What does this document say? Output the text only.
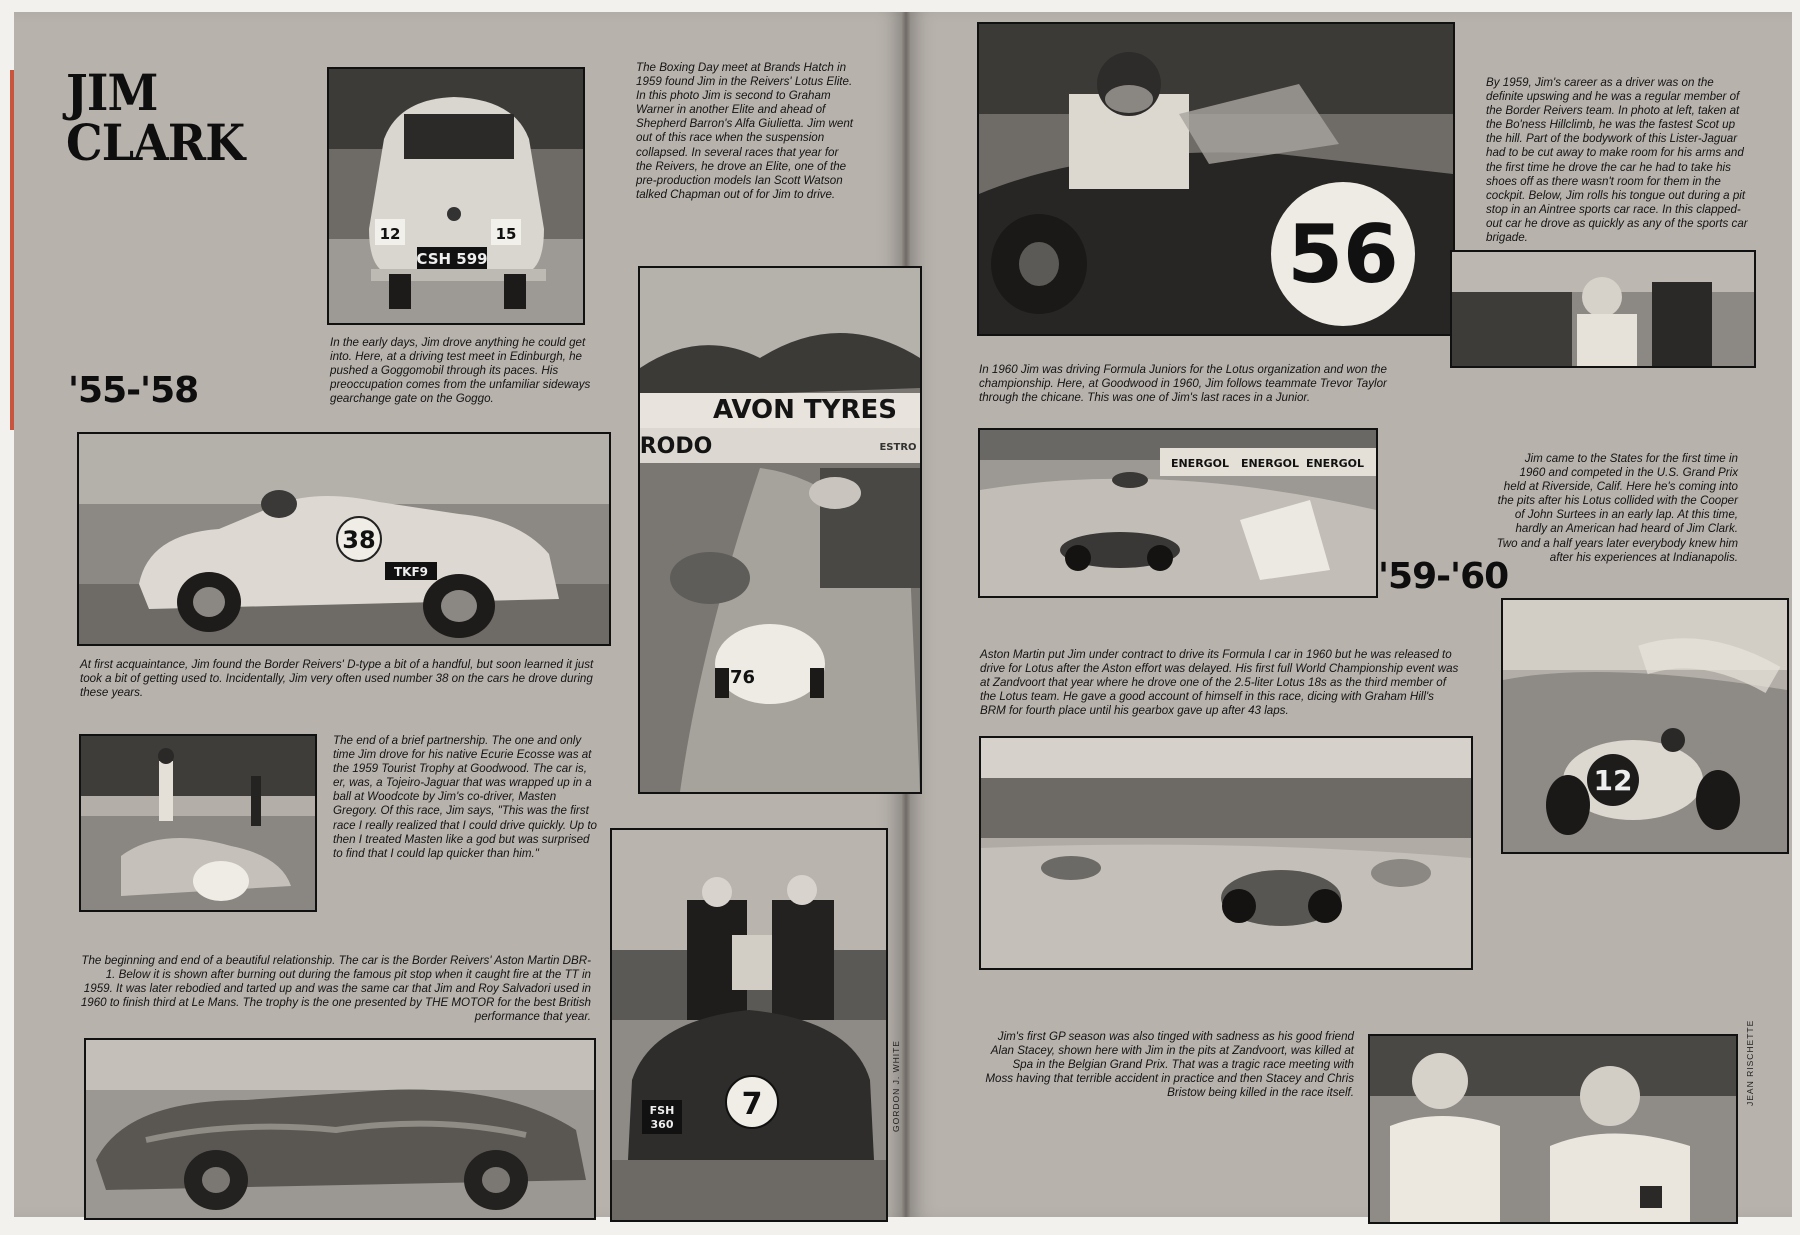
JIM
CLARK
CSH 599
12	15

The Boxing Day meet at Brands Hatch in 1959 found Jim in the Reivers' Lotus Elite. In this photo Jim is second to Graham Warner in another Elite and ahead of Shepherd Barron's Alfa Giulietta. Jim went out of this race when the suspension collapsed. In several races that year for the Reivers, he drove an Elite, one of the pre-production models Ian Scott Watson talked Chapman out of for Jim to drive.

In the early days, Jim drove anything he could get into. Here, at a driving test meet in Edinburgh, he pushed a Goggomobil through its paces. His preoccupation comes from the unfamiliar sideways gearchange gate on the Goggo.

'55-'58
38
TKF9

At first acquaintance, Jim found the Border Reivers' D-type a bit of a handful, but soon learned it just took a bit of getting used to. Incidentally, Jim very often used number 38 on the cars he drove during these years.

AVON TYRES
RODO	ESTRO
76

The end of a brief partnership. The one and only time Jim drove for his native Ecurie Ecosse was at the 1959 Tourist Trophy at Goodwood. The car is, er, was, a Tojeiro-Jaguar that was wrapped up in a ball at Woodcote by Jim's co-driver, Masten Gregory. Of this race, Jim says, "This was the first race I really realized that I could drive quickly. Up to then I treated Masten like a god but was surprised to find that I could lap quicker than him."

The beginning and end of a beautiful relationship. The car is the Border Reivers' Aston Martin DBR-1. Below it is shown after burning out during the famous pit stop when it caught fire at the TT in 1959. It was later rebodied and tarted up and was the same car that Jim and Roy Salvadori used in 1960 to finish third at Le Mans. The trophy is the one presented by THE MOTOR for the best British performance that year.

7
FSH
360	GORDON J. WHITE
56

By 1959, Jim's career as a driver was on the definite upswing and he was a regular member of the Border Reivers team. In photo at left, taken at the Bo'ness Hillclimb, he was the fastest Scot up the hill. Part of the bodywork of this Lister-Jaguar had to be cut away to make room for his arms and the first time he drove the car he had to take his shoes off as there wasn't room for them in the cockpit. Below, Jim rolls his tongue out during a pit stop in an Aintree sports car race. In this clapped-out car he drove as quickly as any of the sports car brigade.

In 1960 Jim was driving Formula Juniors for the Lotus organization and won the championship. Here, at Goodwood in 1960, Jim follows teammate Trevor Taylor through the chicane. This was one of Jim's last races in a Junior.

ENERGOL ENERGOL ENERGOL
'59-'60

Jim came to the States for the first time in 1960 and competed in the U.S. Grand Prix held at Riverside, Calif. Here he's coming into the pits after his Lotus collided with the Cooper of John Surtees in an early lap. At this time, hardly an American had heard of Jim Clark. Two and a half years later everybody knew him after his experiences at Indianapolis.

12

Aston Martin put Jim under contract to drive its Formula I car in 1960 but he was released to drive for Lotus after the Aston effort was delayed. His first full World Championship event was at Zandvoort that year where he drove one of the 2.5-liter Lotus 18s as the third member of the Lotus team. He gave a good account of himself in this race, dicing with Graham Hill's BRM for fourth place until his gearbox gave up after 43 laps.

Jim's first GP season was also tinged with sadness as his good friend Alan Stacey, shown here with Jim in the pits at Zandvoort, was killed at Spa in the Belgian Grand Prix. That was a tragic race meeting with Moss having that terrible accident in practice and then Stacey and Chris Bristow being killed in the race itself.	JEAN RISCHETTE
